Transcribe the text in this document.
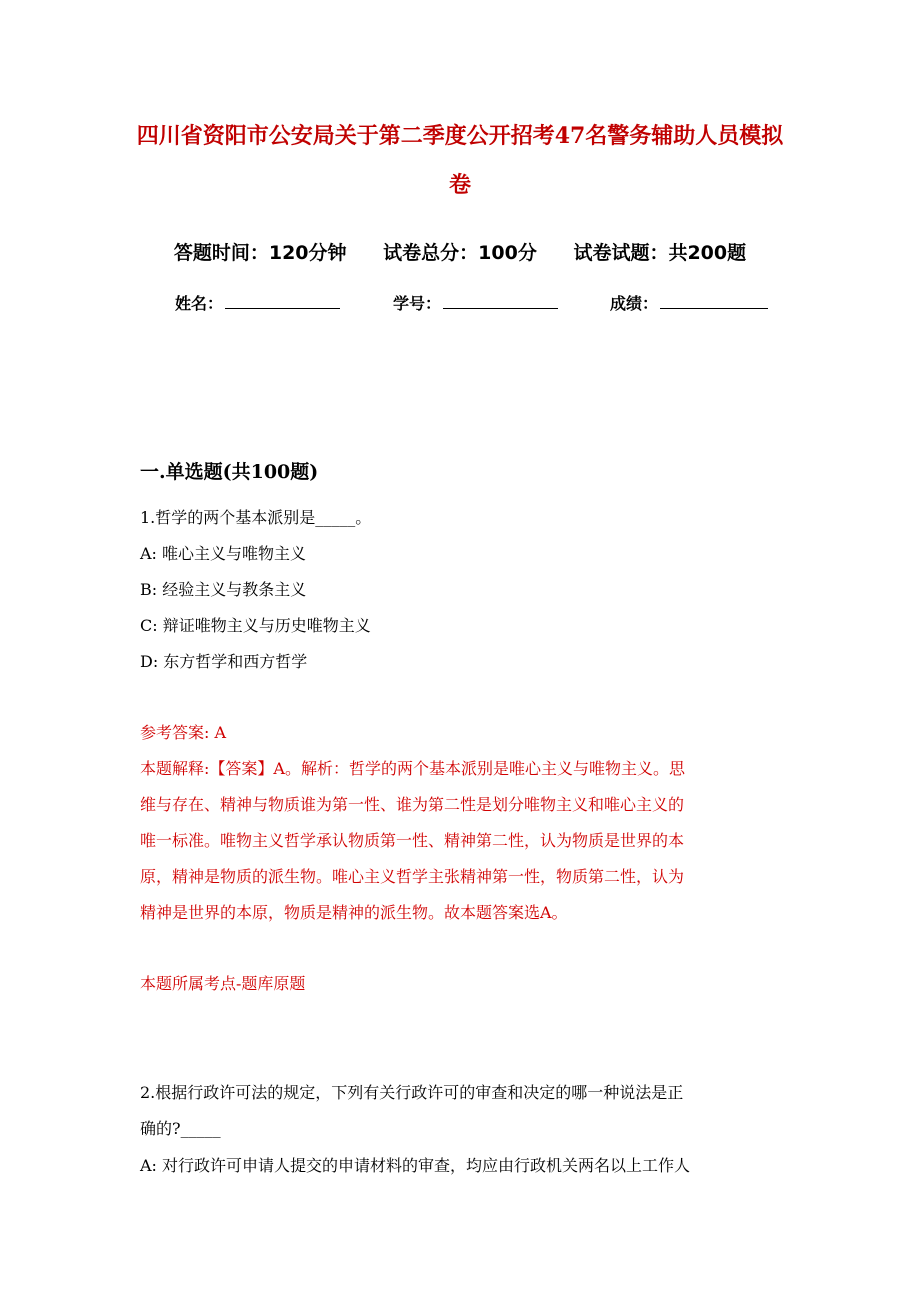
四川省资阳市公安局关于第二季度公开招考47名警务辅助人员模拟
卷
答题时间：120分钟 试卷总分：100分 试卷试题：共200题
姓名：	学号：	成绩：
一.单选题(共100题)
1.哲学的两个基本派别是_____。
A: 唯心主义与唯物主义
B: 经验主义与教条主义
C: 辩证唯物主义与历史唯物主义
D: 东方哲学和西方哲学
参考答案: A
本题解释:【答案】A。解析：哲学的两个基本派别是唯心主义与唯物主义。思
维与存在、精神与物质谁为第一性、谁为第二性是划分唯物主义和唯心主义的
唯一标准。唯物主义哲学承认物质第一性、精神第二性，认为物质是世界的本
原，精神是物质的派生物。唯心主义哲学主张精神第一性，物质第二性，认为
精神是世界的本原，物质是精神的派生物。故本题答案选A。
本题所属考点-题库原题
2.根据行政许可法的规定，下列有关行政许可的审查和决定的哪一种说法是正
确的?_____
A: 对行政许可申请人提交的申请材料的审查，均应由行政机关两名以上工作人
